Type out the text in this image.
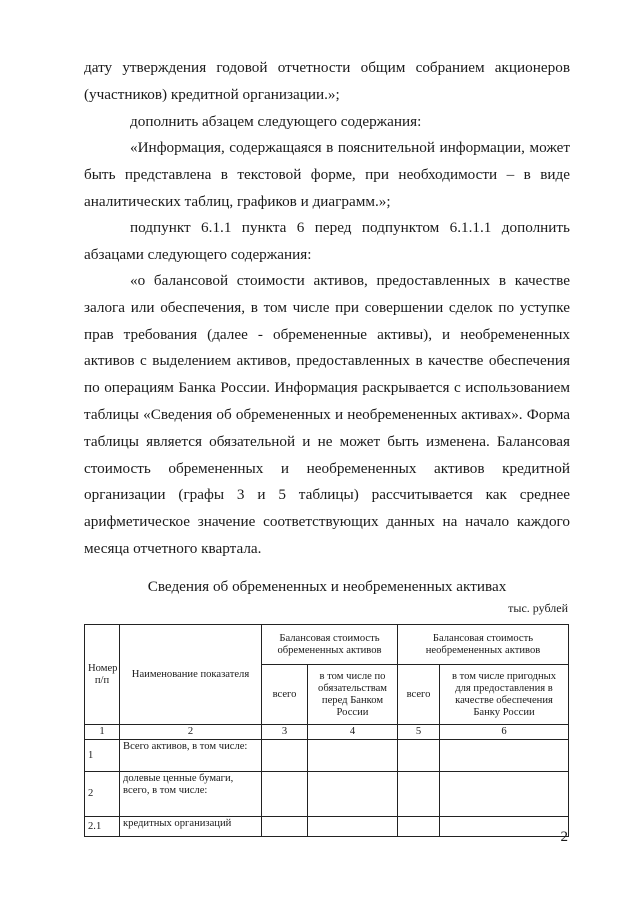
дату утверждения годовой отчетности общим собранием акционеров (участников) кредитной организации.»;

дополнить абзацем следующего содержания:

«Информация, содержащаяся в пояснительной информации, может быть представлена в текстовой форме, при необходимости – в виде аналитических таблиц, графиков и диаграмм.»;

подпункт 6.1.1 пункта 6 перед подпунктом 6.1.1.1 дополнить абзацами следующего содержания:

«о балансовой стоимости активов, предоставленных в качестве залога или обеспечения, в том числе при совершении сделок по уступке прав требования (далее - обремененные активы), и необремененных активов с выделением активов, предоставленных в качестве обеспечения по операциям Банка России. Информация раскрывается с использованием таблицы «Сведения об обремененных и необремененных активах». Форма таблицы является обязательной и не может быть изменена. Балансовая стоимость обремененных и необремененных активов кредитной организации (графы 3 и 5 таблицы) рассчитывается как среднее арифметическое значение соответствующих данных на начало каждого месяца отчетного квартала.

Сведения об обремененных и необремененных активах

тыс. рублей

Номер п/п	Наименование показателя	Балансовая стоимость обремененных активов		Балансовая стоимость необремененных активов	
		всего	в том числе по обязательствам перед Банком России	всего	в том числе пригодных для предоставления в качестве обеспечения Банку России
1	2	3	4	5	6
1	Всего активов, в том числе:				
2	долевые ценные бумаги, всего, в том числе:				
2.1	кредитных организаций				

2
